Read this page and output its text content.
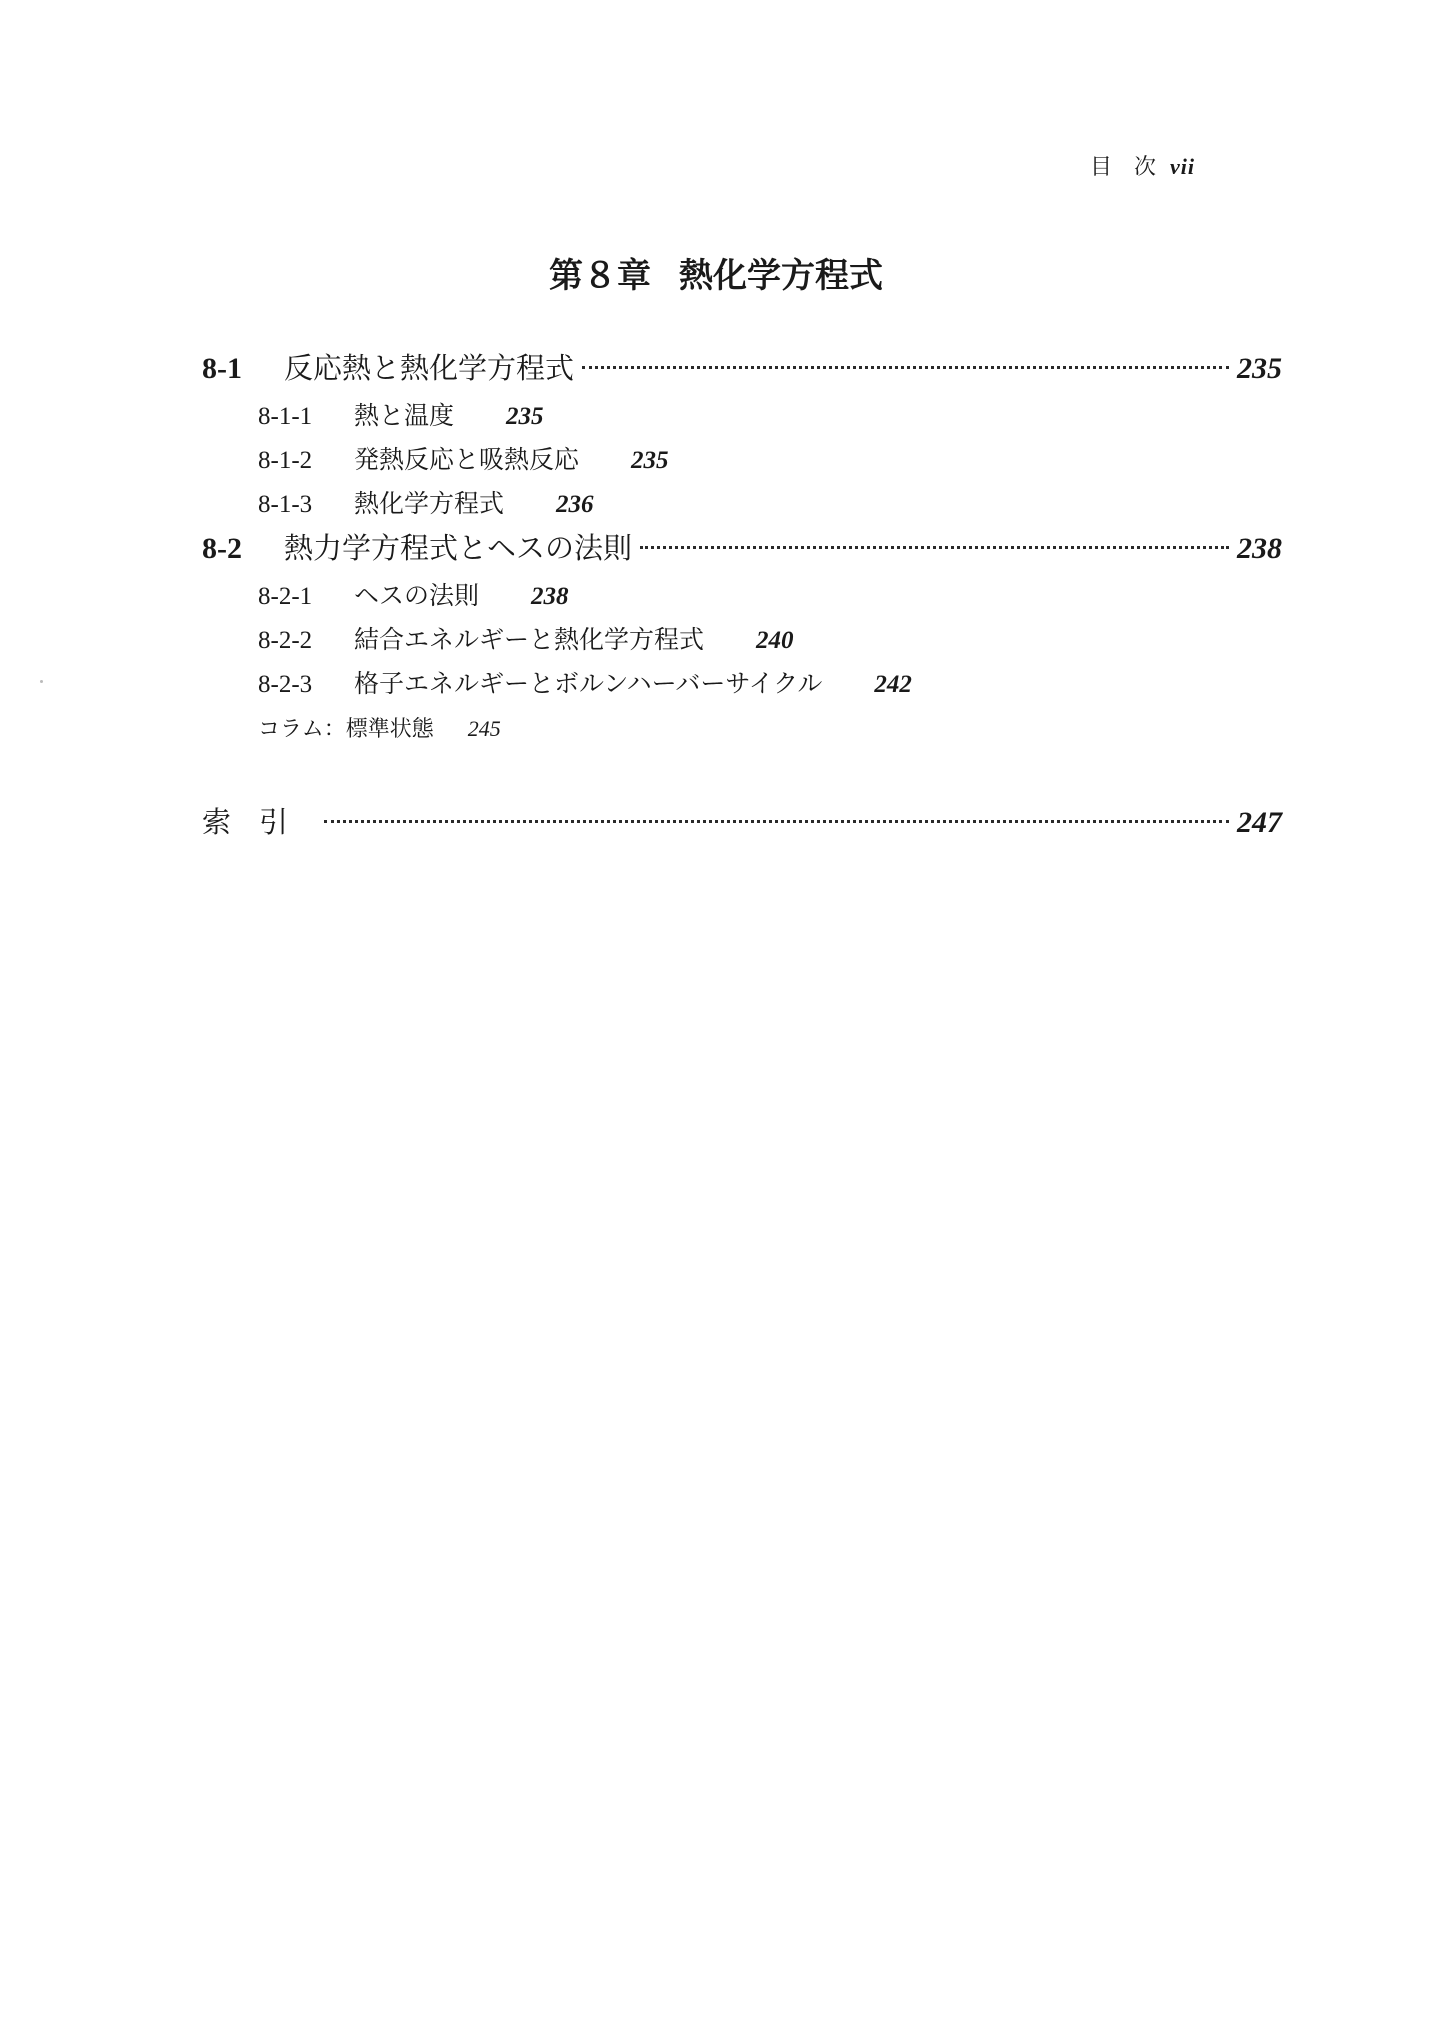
目　次 vii
第８章 熱化学方程式
8-1	反応熱と熱化学方程式	235
8-1-1	熱と温度 235
8-1-2	発熱反応と吸熱反応 235
8-1-3	熱化学方程式 236
8-2	熱力学方程式とヘスの法則	238
8-2-1	ヘスの法則 238
8-2-2	結合エネルギーと熱化学方程式 240
8-2-3	格子エネルギーとボルンハーバーサイクル 242
コラム：標準状態 245
索引	247
